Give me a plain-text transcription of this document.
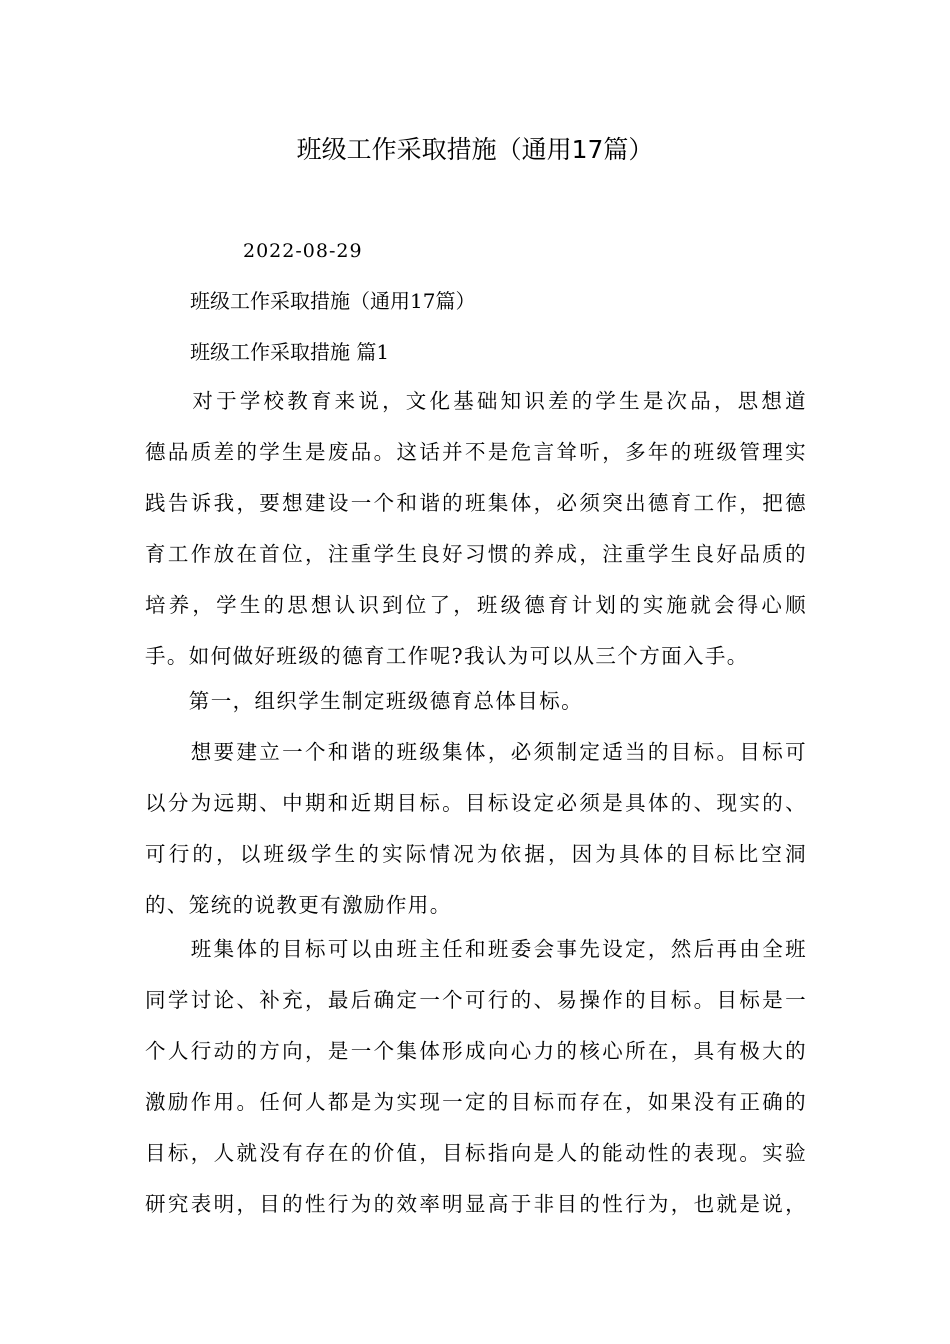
班级工作采取措施（通用17篇）
2022-08-29
班级工作采取措施（通用17篇）
班级工作采取措施 篇1
　　对于学校教育来说，文化基础知识差的学生是次品，思想道
德品质差的学生是废品。这话并不是危言耸听，多年的班级管理实
践告诉我，要想建设一个和谐的班集体，必须突出德育工作，把德
育工作放在首位，注重学生良好习惯的养成，注重学生良好品质的
培养，学生的思想认识到位了，班级德育计划的实施就会得心顺
手。如何做好班级的德育工作呢?我认为可以从三个方面入手。
　　第一，组织学生制定班级德育总体目标。
　　想要建立一个和谐的班级集体，必须制定适当的目标。目标可
以分为远期、中期和近期目标。目标设定必须是具体的、现实的、
可行的，以班级学生的实际情况为依据，因为具体的目标比空洞
的、笼统的说教更有激励作用。
　　班集体的目标可以由班主任和班委会事先设定，然后再由全班
同学讨论、补充，最后确定一个可行的、易操作的目标。目标是一
个人行动的方向，是一个集体形成向心力的核心所在，具有极大的
激励作用。任何人都是为实现一定的目标而存在，如果没有正确的
目标，人就没有存在的价值，目标指向是人的能动性的表现。实验
研究表明，目的性行为的效率明显高于非目的性行为，也就是说，
